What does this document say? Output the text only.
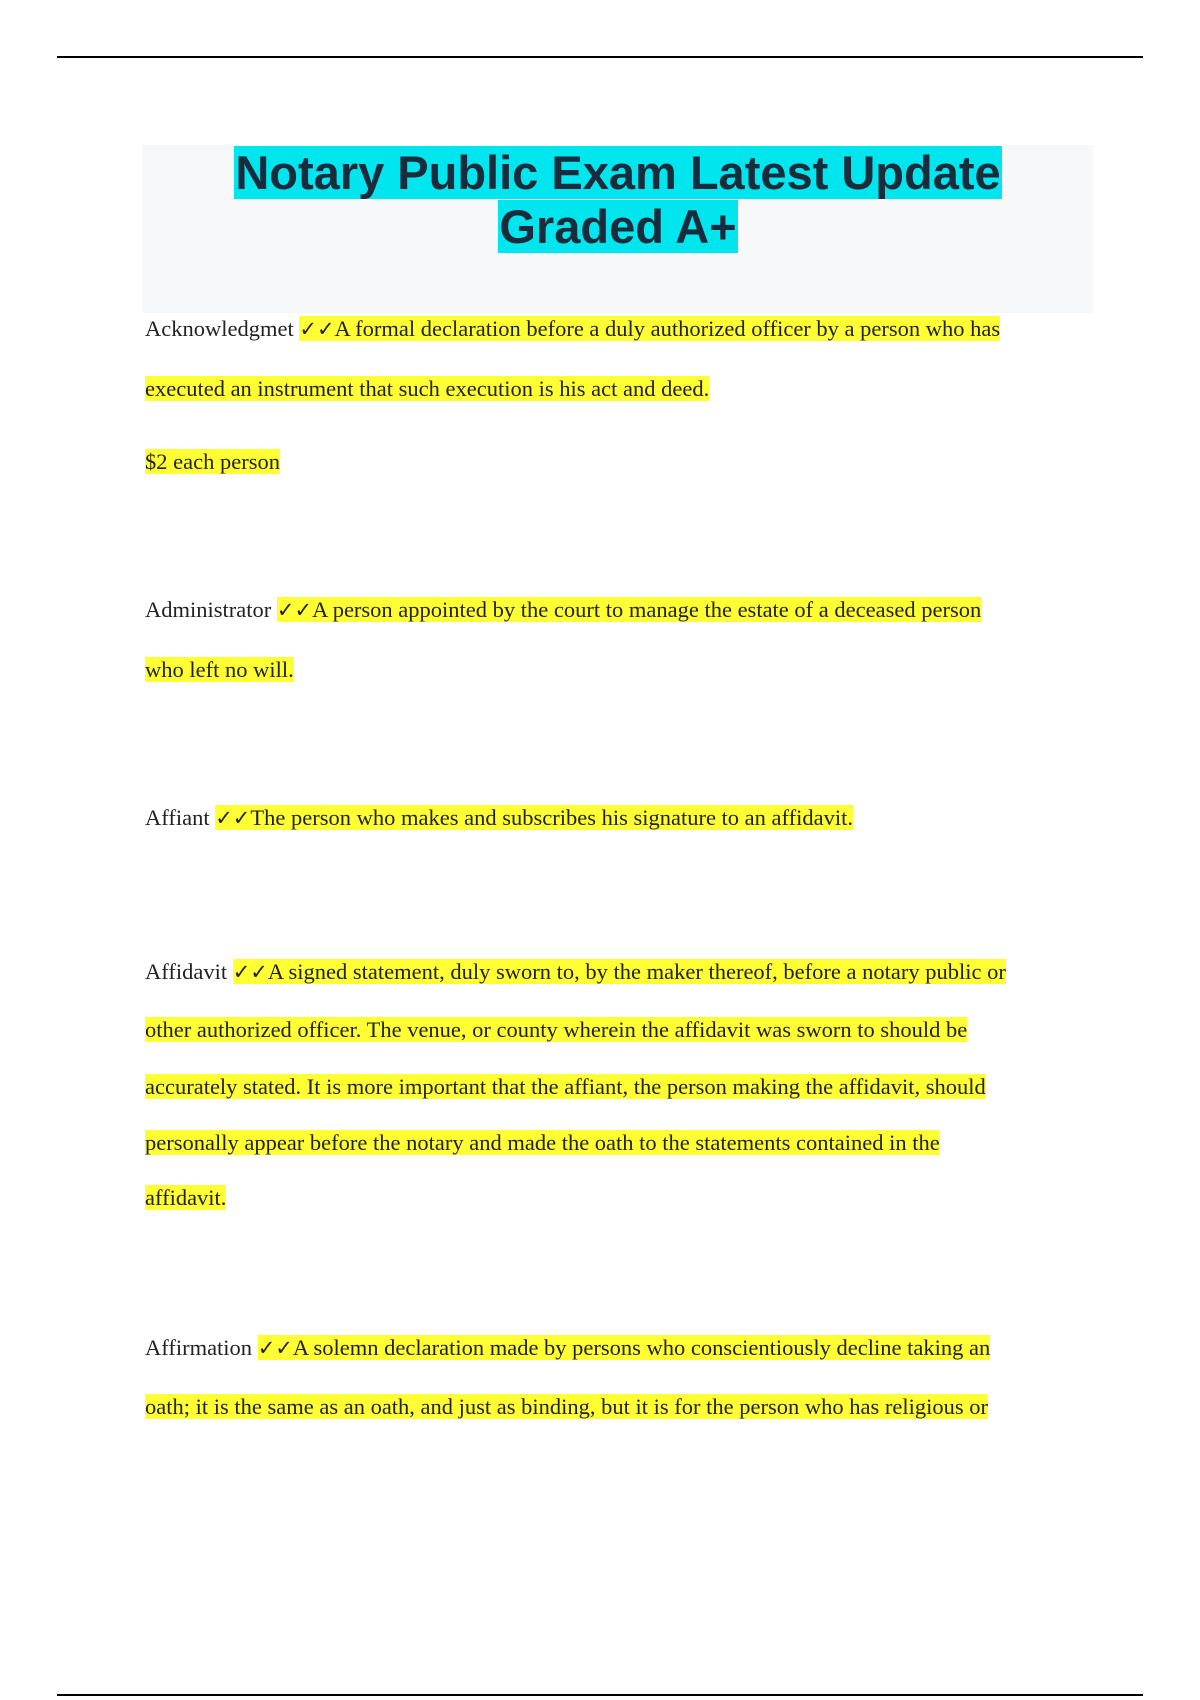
Notary Public Exam Latest Update
Graded A+
Acknowledgmet ✓✓A formal declaration before a duly authorized officer by a person who has
executed an instrument that such execution is his act and deed.
$2 each person
Administrator ✓✓A person appointed by the court to manage the estate of a deceased person
who left no will.
Affiant ✓✓The person who makes and subscribes his signature to an affidavit.
Affidavit ✓✓A signed statement, duly sworn to, by the maker thereof, before a notary public or
other authorized officer. The venue, or county wherein the affidavit was sworn to should be
accurately stated. It is more important that the affiant, the person making the affidavit, should
personally appear before the notary and made the oath to the statements contained in the
affidavit.
Affirmation ✓✓A solemn declaration made by persons who conscientiously decline taking an
oath; it is the same as an oath, and just as binding, but it is for the person who has religious or
